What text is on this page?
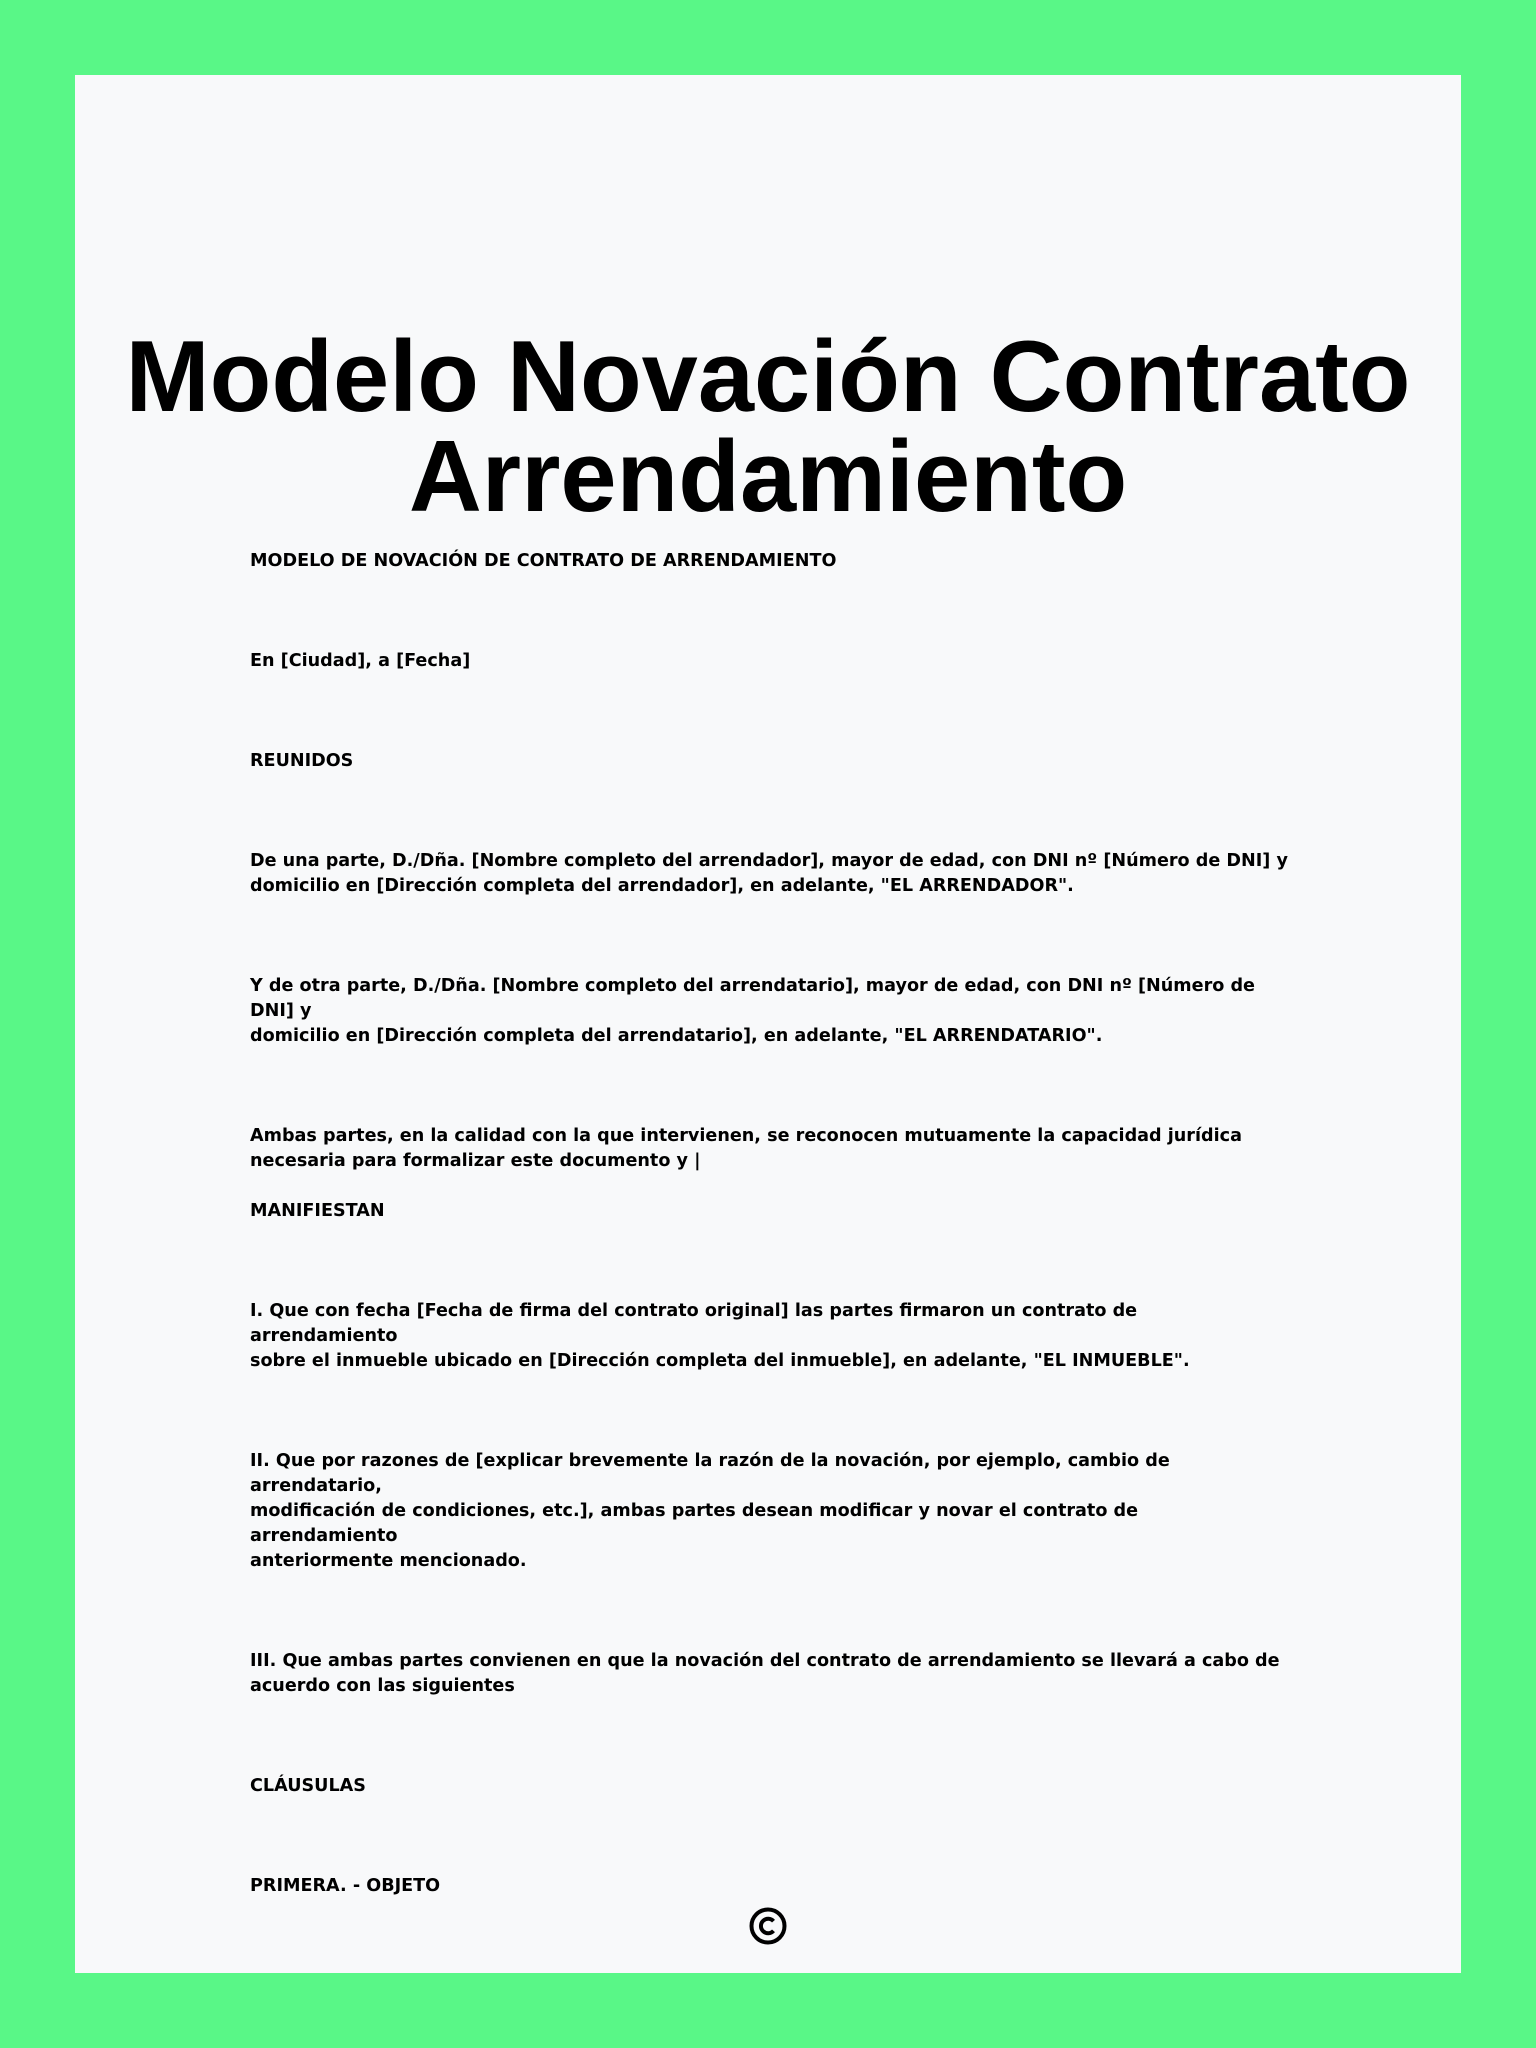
Modelo Novación Contrato
Arrendamiento

MODELO DE NOVACIÓN DE CONTRATO DE ARRENDAMIENTO

En [Ciudad], a [Fecha]

REUNIDOS

De una parte, D./Dña. [Nombre completo del arrendador], mayor de edad, con DNI nº [Número de DNI] y
domicilio en [Dirección completa del arrendador], en adelante, "EL ARRENDADOR".

Y de otra parte, D./Dña. [Nombre completo del arrendatario], mayor de edad, con DNI nº [Número de DNI] y
domicilio en [Dirección completa del arrendatario], en adelante, "EL ARRENDATARIO".

Ambas partes, en la calidad con la que intervienen, se reconocen mutuamente la capacidad jurídica
necesaria para formalizar este documento y |

MANIFIESTAN

I. Que con fecha [Fecha de firma del contrato original] las partes firmaron un contrato de arrendamiento
sobre el inmueble ubicado en [Dirección completa del inmueble], en adelante, "EL INMUEBLE".

II. Que por razones de [explicar brevemente la razón de la novación, por ejemplo, cambio de arrendatario,
modificación de condiciones, etc.], ambas partes desean modificar y novar el contrato de arrendamiento
anteriormente mencionado.

III. Que ambas partes convienen en que la novación del contrato de arrendamiento se llevará a cabo de
acuerdo con las siguientes

CLÁUSULAS

PRIMERA. - OBJETO
